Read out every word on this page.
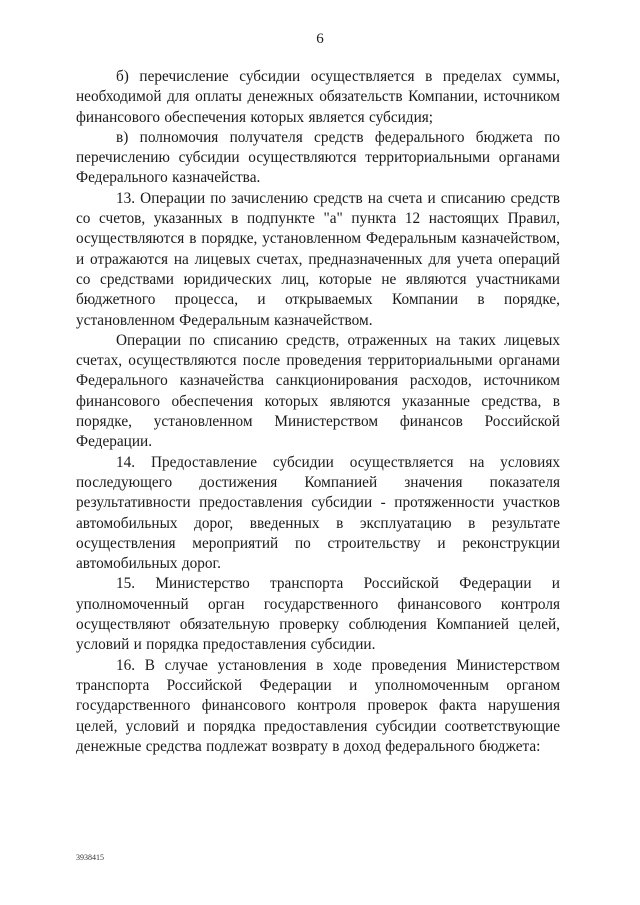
6

б) перечисление субсидии осуществляется в пределах суммы, необходимой для оплаты денежных обязательств Компании, источником финансового обеспечения которых является субсидия;

в) полномочия получателя средств федерального бюджета по перечислению субсидии осуществляются территориальными органами Федерального казначейства.

13. Операции по зачислению средств на счета и списанию средств со счетов, указанных в подпункте "а" пункта 12 настоящих Правил, осуществляются в порядке, установленном Федеральным казначейством, и отражаются на лицевых счетах, предназначенных для учета операций со средствами юридических лиц, которые не являются участниками бюджетного процесса, и открываемых Компании в порядке, установленном Федеральным казначейством.

Операции по списанию средств, отраженных на таких лицевых счетах, осуществляются после проведения территориальными органами Федерального казначейства санкционирования расходов, источником финансового обеспечения которых являются указанные средства, в порядке, установленном Министерством финансов Российской Федерации.

14. Предоставление субсидии осуществляется на условиях последующего достижения Компанией значения показателя результативности предоставления субсидии - протяженности участков автомобильных дорог, введенных в эксплуатацию в результате осуществления мероприятий по строительству и реконструкции автомобильных дорог.

15. Министерство транспорта Российской Федерации и уполномоченный орган государственного финансового контроля осуществляют обязательную проверку соблюдения Компанией целей, условий и порядка предоставления субсидии.

16. В случае установления в ходе проведения Министерством транспорта Российской Федерации и уполномоченным органом государственного финансового контроля проверок факта нарушения целей, условий и порядка предоставления субсидии соответствующие денежные средства подлежат возврату в доход федерального бюджета:

3938415
